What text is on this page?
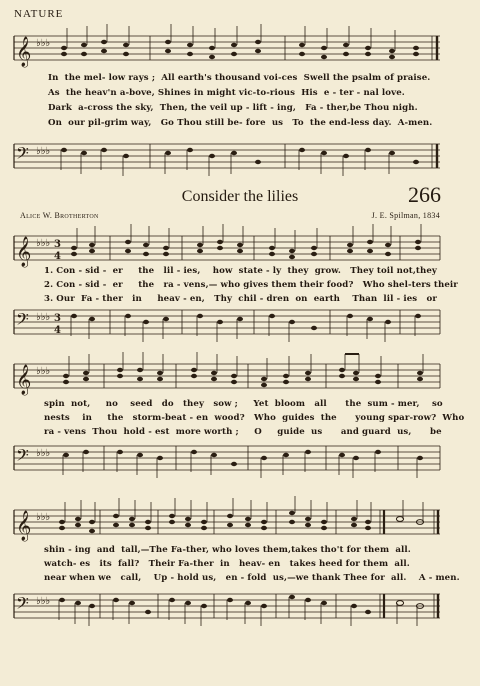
NATURE
𝄞 ♭♭♭
In  the mel- low rays ;  All earth's thousand voi-ces  Swell the psalm of praise.
As  the heav'n a-bove, Shines in might vic-to-rious  His  e - ter - nal love.
Dark  a-cross the sky,  Then, the veil up - lift - ing,   Fa - ther,be Thou nigh.
On  our pil-grim way,   Go Thou still be- fore  us   To  the end-less day.  A-men.
𝄢 ♭♭♭
Consider the lilies	266
Alice W. Brotherton	J. E. Spilman, 1834
𝄞 ♭♭♭ 3
4
1. Con - sid -  er     the   lil - ies,    how  state - ly  they  grow.   They toil not,they
2. Con - sid -  er     the   ra - vens,— who gives them their food?   Who shel-ters their
3. Our  Fa - ther   in     heav - en,   Thy  chil - dren  on  earth    Than  lil - ies   or
𝄢 ♭♭♭ 3
4
𝄞 ♭♭♭
spin  not,     no    seed   do   they   sow ;     Yet  bloom   all      the  sum - mer,    so
nests    in     the   storm-beat - en  wood?   Who  guides  the      young spar-row?  Who
ra - vens  Thou  hold - est  more worth ;     O     guide  us      and guard  us,      be
𝄢 ♭♭♭
𝄞 ♭♭♭
shin - ing  and  tall,—The Fa-ther, who loves them,takes tho't for them  all.
watch- es   its  fall?   Their Fa-ther  in   heav- en   takes heed for them  all.
near when we   call,    Up - hold us,   en - fold  us,—we thank Thee for  all.    A - men.
𝄢 ♭♭♭
